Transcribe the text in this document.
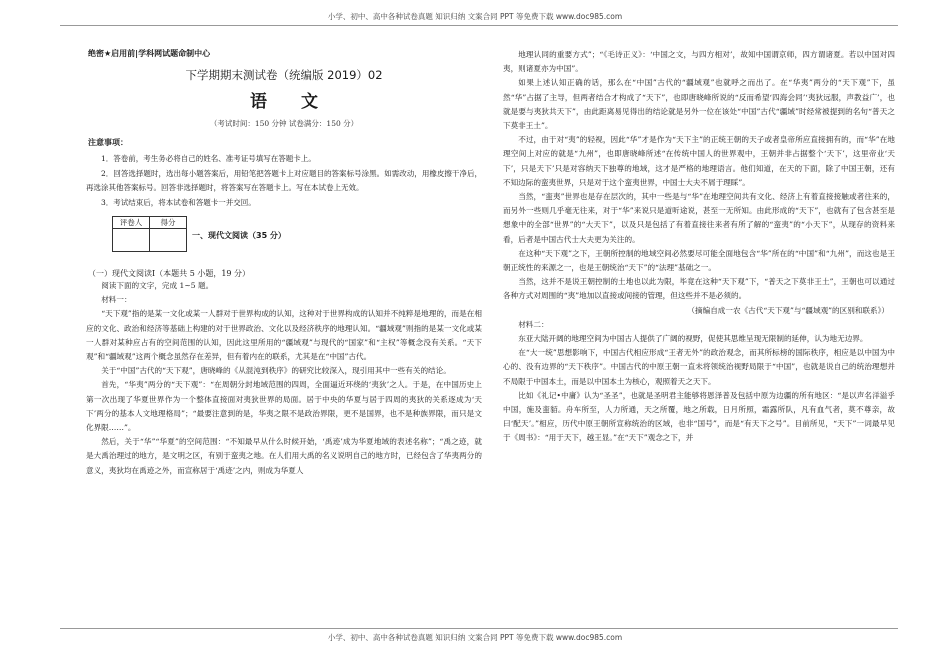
小学、初中、高中各种试卷真题 知识归纳 文案合同 PPT 等免费下载 www.doc985.com
绝密★启用前|学科网试题命制中心
下学期期末测试卷（统编版 2019）02
语 文
（考试时间：150 分钟 试卷满分：150 分）
注意事项：

1．答卷前，考生务必将自己的姓名、准考证号填写在答题卡上。

2．回答选择题时，选出每小题答案后，用铅笔把答题卡上对应题目的答案标号涂黑。如需改动，用橡皮擦干净后，再选涂其他答案标号。回答非选择题时，将答案写在答题卡上。写在本试卷上无效。

3．考试结束后，将本试卷和答题卡一并交回。

评卷人	得分

一、现代文阅读（35 分）
（一）现代文阅读Ⅰ（本题共 5 小题，19 分）

阅读下面的文字，完成 1~5 题。

材料一：

“天下观”指的是某一文化或某一人群对于世界构成的认知，这种对于世界构成的认知并不纯粹是地理的，而是在相应的文化、政治和经济等基础上构建的对于世界政治、文化以及经济秩序的地理认知。“疆域观”则指的是某一文化或某一人群对某种应占有的空间范围的认知，因此这里所用的“疆域观”与现代的“国家”和“主权”等概念没有关系。“天下观”和“疆域观”这两个概念虽然存在差异，但有着内在的联系，尤其是在“中国”古代。

关于“中国”古代的“天下观”，唐晓峰的《从混沌到秩序》的研究比较深入，现引用其中一些有关的结论。

首先，“华夷”两分的“天下观”：“在周朝分封地域范围的四周，全面逼近环绕的‘夷狄’之人。于是，在中国历史上第一次出现了华夏世界作为一个整体直接面对夷狄世界的局面。居于中央的华夏与居于四周的夷狄的关系逐成为‘天下’两分的基本人文地理格局”；“最要注意到的是，华夷之限不是政治界限，更不是国界，也不是种族界限，而只是文化界限……”。

然后，关于“华”“华夏”的空间范围：“不知最早从什么时候开始，‘禹迹’成为华夏地域的表述名称”；“禹之迹，就是大禹治理过的地方，是文明之区，有别于蛮夷之地。在人们用大禹的名义说明自己的地方时，已经包含了华夷两分的意义，夷狄均在禹迹之外，而宣称居于‘禹迹’之内，则成为华夏人

地理认同的重要方式”；“《毛诗正义》：‘中国之文，与四方相对’，故知中国谓京师，四方谓诸夏。若以中国对四夷，则诸夏亦为中国”。

如果上述认知正确的话，那么在“中国”古代的“疆域观”也就呼之而出了。在“华夷”两分的“天下观”下，虽然“华”占据了主导，但两者结合才构成了“天下”，也即唐晓峰所说的“反而希望‘四海会同’‘夷狄远服，声教益广’，也就是要与夷狄共天下”，由此距离易见得出的结论就是另外一位在该处“中国”古代“疆域”时经常被提到的名句“普天之下莫非王土”。

不过，由于对“夷”的轻视，因此“华”才是作为“天下主”的正统王朝的天子或者皇帝所应直接拥有的，而“华”在地理空间上对应的就是“九州”，也即唐晓峰所述“在传统中国人的世界观中，王朝并非占据整个‘天下’，这里帝业‘天下’，只是天下’只是对容纳天下独尊的地域，这才是严格的地理语言。他们知道，在天的下面，除了中国王朝，还有不知边际的蛮夷世界，只是对于这个蛮夷世界，中国士大夫不屑于理睬”。

当然，“蛮夷”世界也是存在层次的，其中一些是与“华”在地理空间共有文化、经济上有着直接接触或者往来的，而另外一些则几乎毫无往来，对于“华”来说只是道听途说，甚至一无所知。由此形成的“天下”，也就有了包含甚至是想象中的全部“世界”的“大天下”，以及只是包括了有着直接往来者有所了解的“蛮夷”的“小天下”，从现存的资料来看，后者是中国古代士大夫更为关注的。

在这种“天下观”之下，王朝所控制的地域空间必然要尽可能全面地包含“华”所在的“中国”和“九州”，而这也是王朝正统性的来源之一，也是王朝统治“天下”的“法理”基础之一。

当然，这并不是说王朝控制的土地也以此为限，毕竟在这种“天下观”下，“普天之下莫非王土”，王朝也可以通过各种方式对周围的“夷”地加以直接或间接的管理，但这些并不是必须的。

（摘编自成一农《古代“天下观”与“疆域观”的区别和联系》）

材料二：

东亚大陆开阔的地理空间为中国古人提供了广阔的视野，促使其思维呈现无限制的延伸，认为地无边界。

在“大一统”思想影响下，中国古代相应形成“王者无外”的政治观念，而其所标榜的国际秩序，相应是以中国为中心的、没有边界的“天下秩序”。中国古代的中原王朝一直未将领统治视野局限于“中国”，也就是说自己的统治理想并不局限于中国本土，而是以中国本土为核心，观照着天之天下。

比如《礼记•中庸》认为“圣圣”，也就是圣明君主能够将恩泽普及包括中原为边疆的所有地区：“是以声名洋溢乎中国，施及蛮貊。舟车所至，人力所通，天之所覆，地之所载，日月所照，霜露所队，凡有血气者，莫不尊亲，故曰‘配天’。”相应，历代中原王朝所宣称统治的区域，也非“国号”，而是“有天下之号”。目前所见，“天下”一词最早见于《周书》：“用于天下，越王显。”在“天下”观念之下，并

小学、初中、高中各种试卷真题 知识归纳 文案合同 PPT 等免费下载 www.doc985.com
